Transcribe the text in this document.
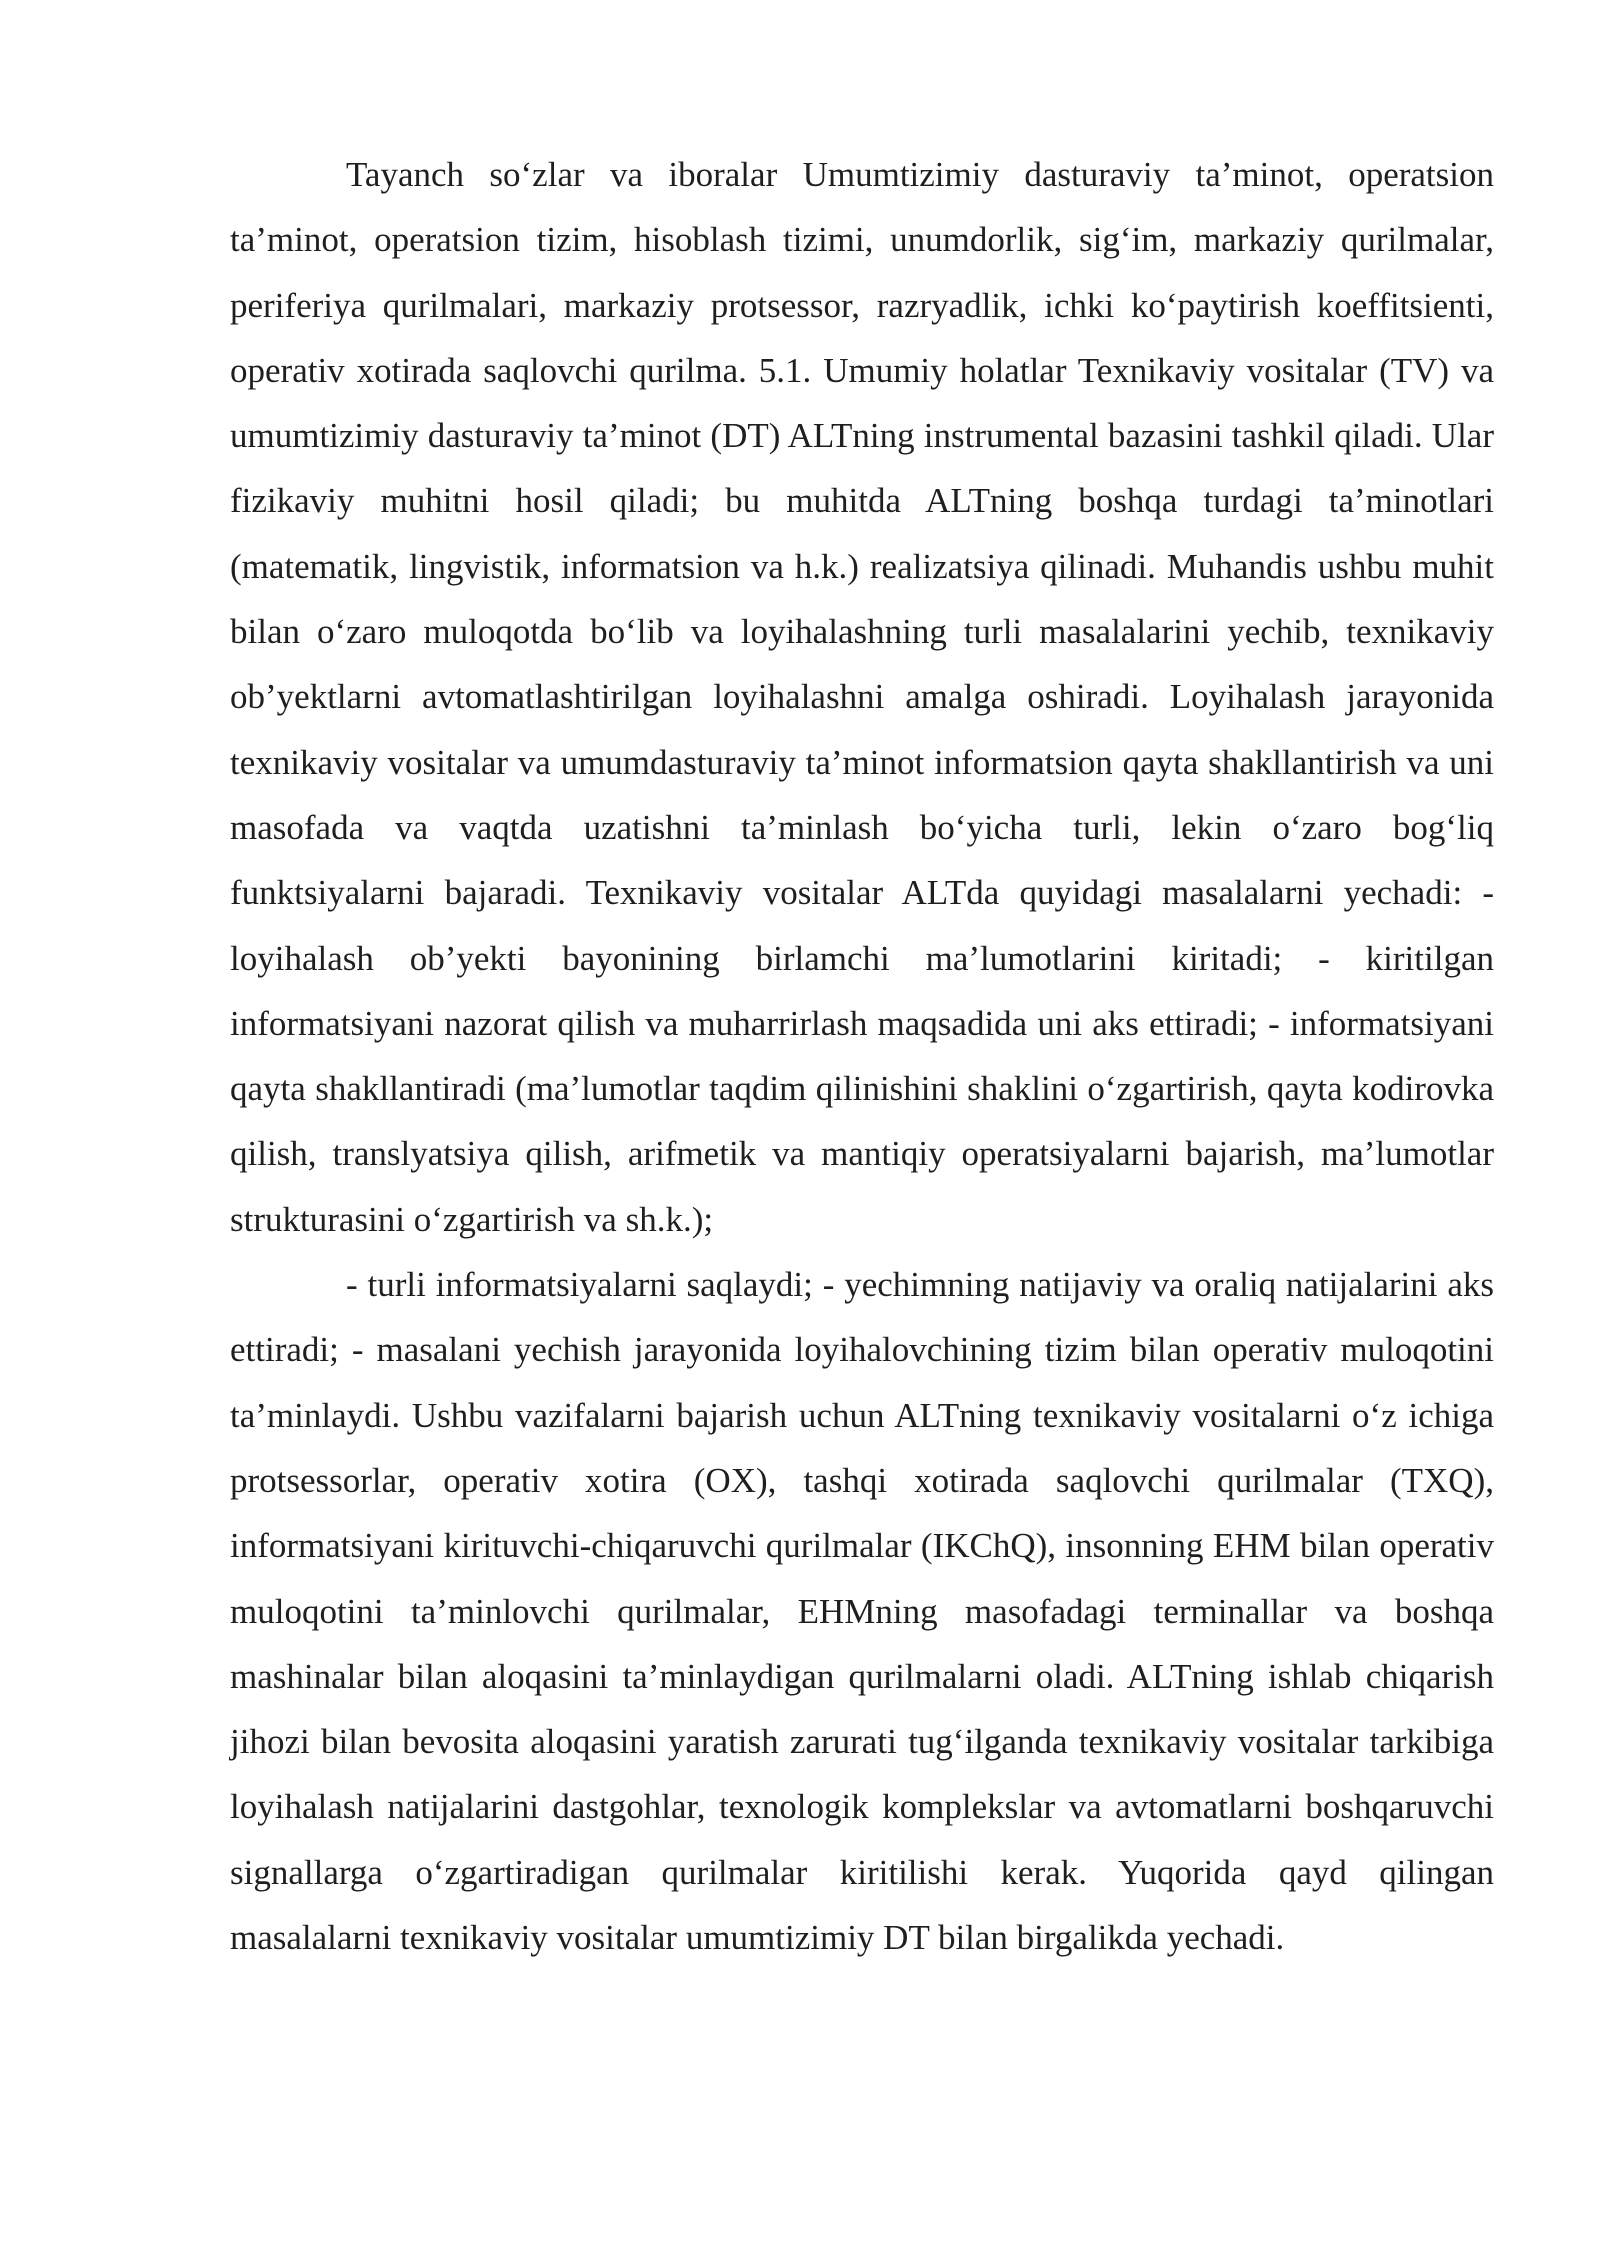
Tayanch so‘zlar va iboralar Umumtizimiy dasturaviy ta’minot, operatsion ta’minot, operatsion tizim, hisoblash tizimi, unumdorlik, sig‘im, markaziy qurilmalar, periferiya qurilmalari, markaziy protsessor, razryadlik, ichki ko‘paytirish koeffitsienti, operativ xotirada saqlovchi qurilma. 5.1. Umumiy holatlar Texnikaviy vositalar (TV) va umumtizimiy dasturaviy ta’minot (DT) ALTning instrumental bazasini tashkil qiladi. Ular fizikaviy muhitni hosil qiladi; bu muhitda ALTning boshqa turdagi ta’minotlari (matematik, lingvistik, informatsion va h.k.) realizatsiya qilinadi. Muhandis ushbu muhit bilan o‘zaro muloqotda bo‘lib va loyihalashning turli masalalarini yechib, texnikaviy ob’yektlarni avtomatlashtirilgan loyihalashni amalga oshiradi. Loyihalash jarayonida texnikaviy vositalar va umumdasturaviy ta’minot informatsion qayta shakllantirish va uni masofada va vaqtda uzatishni ta’minlash bo‘yicha turli, lekin o‘zaro bog‘liq funktsiyalarni bajaradi. Texnikaviy vositalar ALTda quyidagi masalalarni yechadi: - loyihalash ob’yekti bayonining birlamchi ma’lumotlarini kiritadi; - kiritilgan informatsiyani nazorat qilish va muharrirlash maqsadida uni aks ettiradi; - informatsiyani qayta shakllantiradi (ma’lumotlar taqdim qilinishini shaklini o‘zgartirish, qayta kodirovka qilish, translyatsiya qilish, arifmetik va mantiqiy operatsiyalarni bajarish, ma’lumotlar strukturasini o‘zgartirish va sh.k.);

- turli informatsiyalarni saqlaydi; - yechimning natijaviy va oraliq natijalarini aks ettiradi; - masalani yechish jarayonida loyihalovchining tizim bilan operativ muloqotini ta’minlaydi. Ushbu vazifalarni bajarish uchun ALTning texnikaviy vositalarni o‘z ichiga protsessorlar, operativ xotira (OX), tashqi xotirada saqlovchi qurilmalar (TXQ), informatsiyani kirituvchi-chiqaruvchi qurilmalar (IKChQ), insonning EHM bilan operativ muloqotini ta’minlovchi qurilmalar, EHMning masofadagi terminallar va boshqa mashinalar bilan aloqasini ta’minlaydigan qurilmalarni oladi. ALTning ishlab chiqarish jihozi bilan bevosita aloqasini yaratish zarurati tug‘ilganda texnikaviy vositalar tarkibiga loyihalash natijalarini dastgohlar, texnologik komplekslar va avtomatlarni boshqaruvchi signallarga o‘zgartiradigan qurilmalar kiritilishi kerak. Yuqorida qayd qilingan masalalarni texnikaviy vositalar umumtizimiy DT bilan birgalikda yechadi.
